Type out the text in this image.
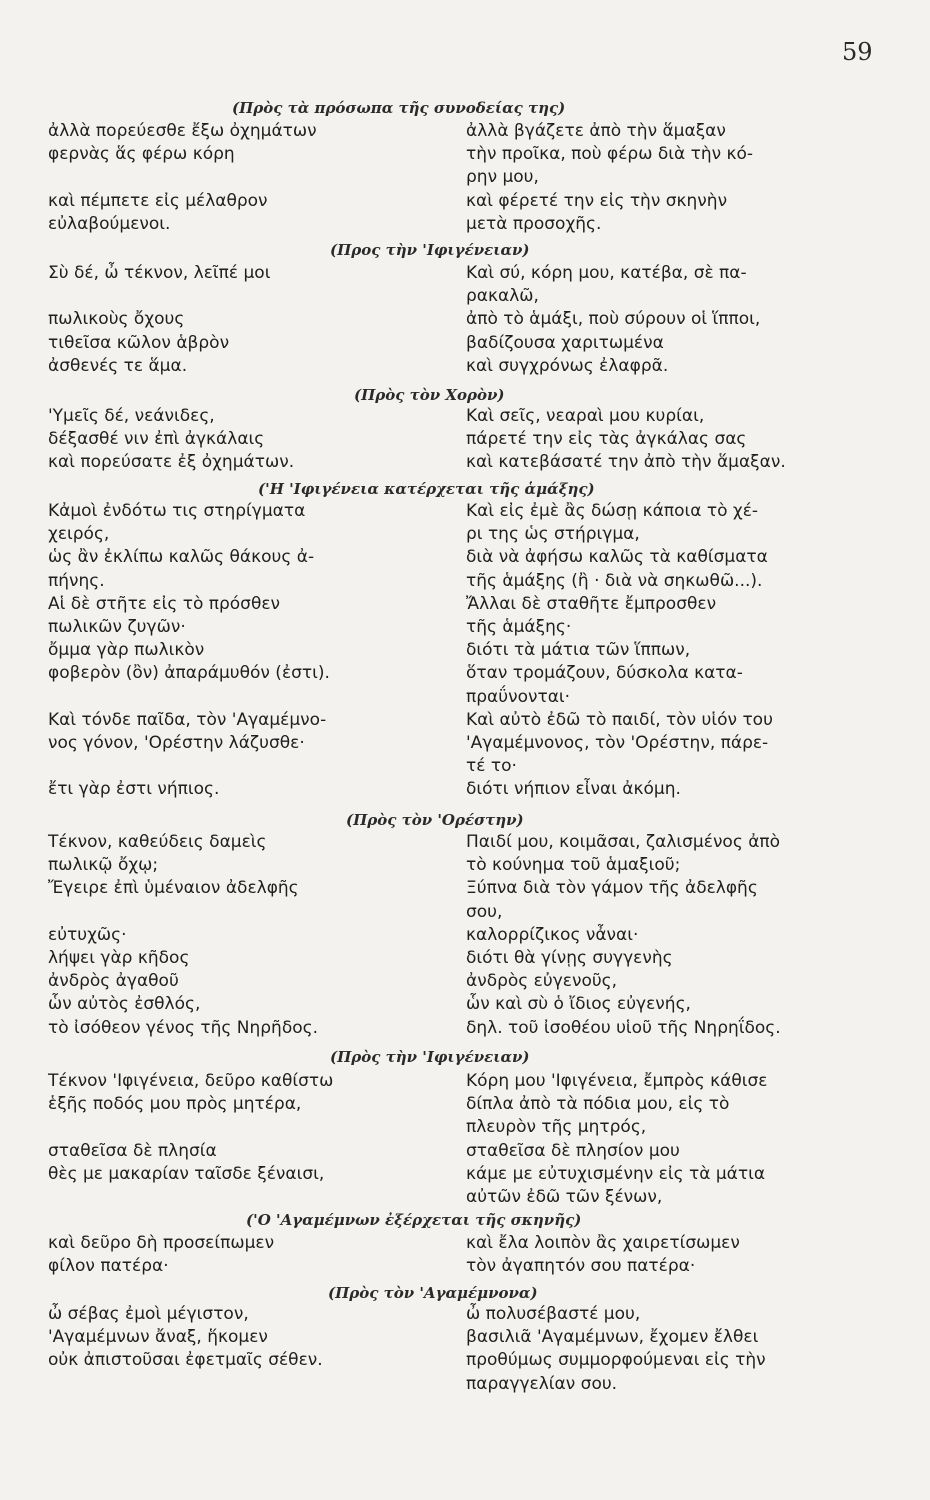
59
(Πρὸς τὰ πρόσωπα τῆς συνοδείας της)
ἀλλὰ πορεύεσθε ἔξω ὀχημάτων
φερνὰς ἅς φέρω κόρη

καὶ πέμπετε εἰς μέλαθρον
εὐλαβούμενοι.
ἀλλὰ βγάζετε ἀπὸ τὴν ἅμαξαν
τὴν προῖκα, ποὺ φέρω διὰ τὴν κό-
ρην μου,
καὶ φέρετέ την εἰς τὴν σκηνὴν
μετὰ προσοχῆς.
(Προς τὴν 'Ιφιγένειαν)
Σὺ δέ, ὦ τέκνον, λεῖπέ μοι

πωλικοὺς ὄχους
τιθεῖσα κῶλον ἁβρὸν
ἀσθενές τε ἅμα.
Καὶ σύ, κόρη μου, κατέβα, σὲ πα-
ρακαλῶ,
ἀπὸ τὸ ἁμάξι, ποὺ σύρουν οἱ ἵπποι,
βαδίζουσα χαριτωμένα
καὶ συγχρόνως ἐλαφρᾶ.
(Πρὸς τὸν Χορὸν)
'Υμεῖς δέ, νεάνιδες,
δέξασθέ νιν ἐπὶ ἀγκάλαις
καὶ πορεύσατε ἐξ ὀχημάτων.
Καὶ σεῖς, νεαραὶ μου κυρίαι,
πάρετέ την εἰς τὰς ἀγκάλας σας
καὶ κατεβάσατέ την ἀπὸ τὴν ἅμαξαν.
('Η 'Ιφιγένεια κατέρχεται τῆς ἁμάξης)
Κἀμοὶ ἐνδότω τις στηρίγματα
χειρός,
ὡς ἂν ἐκλίπω καλῶς θάκους ἀ-
πήνης.
Αἱ δὲ στῆτε εἰς τὸ πρόσθεν
πωλικῶν ζυγῶν·
ὄμμα γὰρ πωλικὸν
φοβερὸν (ὂν) ἀπαράμυθόν (ἐστι).

Καὶ τόνδε παῖδα, τὸν 'Αγαμέμνο-
νος γόνον, 'Ορέστην λάζυσθε·

ἔτι γὰρ ἐστι νήπιος.
Καὶ εἰς ἐμὲ ἂς δώσῃ κάποια τὸ χέ-
ρι της ὡς στήριγμα,
διὰ νὰ ἀφήσω καλῶς τὰ καθίσματα
τῆς ἁμάξης (ἢ · διὰ νὰ σηκωθῶ...).
Ἄλλαι δὲ σταθῆτε ἔμπροσθεν
τῆς ἁμάξης·
διότι τὰ μάτια τῶν ἵππων,
ὅταν τρομάζουν, δύσκολα κατα-
πραΰνονται·
Καὶ αὐτὸ ἐδῶ τὸ παιδί, τὸν υἱόν του
'Αγαμέμνονος, τὸν 'Ορέστην, πάρε-
τέ το·
διότι νήπιον εἶναι ἀκόμη.
(Πρὸς τὸν 'Ορέστην)
Τέκνον, καθεύδεις δαμεὶς
πωλικῷ ὄχῳ;
Ἔγειρε ἐπὶ ὑμέναιον ἀδελφῆς

εὐτυχῶς·
λήψει γὰρ κῆδος
ἀνδρὸς ἀγαθοῦ
ὧν αὐτὸς ἐσθλός,
τὸ ἰσόθεον γένος τῆς Νηρῆδος.
Παιδί μου, κοιμᾶσαι, ζαλισμένος ἀπὸ
τὸ κούνημα τοῦ ἁμαξιοῦ;
Ξύπνα διὰ τὸν γάμον τῆς ἀδελφῆς
σου,
καλορρίζικος νἆναι·
διότι θὰ γίνῃς συγγενὴς
ἀνδρὸς εὐγενοῦς,
ὧν καὶ σὺ ὁ ἴδιος εὐγενής,
δηλ. τοῦ ἰσοθέου υἱοῦ τῆς Νηρηΐδος.
(Πρὸς τὴν 'Ιφιγένειαν)
Τέκνον 'Ιφιγένεια, δεῦρο καθίστω
ἑξῆς ποδός μου πρὸς μητέρα,

σταθεῖσα δὲ πλησία
θὲς με μακαρίαν ταῖσδε ξέναισι,
Κόρη μου 'Ιφιγένεια, ἔμπρὸς κάθισε
δίπλα ἀπὸ τὰ πόδια μου, εἰς τὸ
πλευρὸν τῆς μητρός,
σταθεῖσα δὲ πλησίον μου
κάμε με εὐτυχισμένην εἰς τὰ μάτια
αὐτῶν ἐδῶ τῶν ξένων,
('Ο 'Αγαμέμνων ἐξέρχεται τῆς σκηνῆς)
καὶ δεῦρο δὴ προσείπωμεν
φίλον πατέρα·
καὶ ἔλα λοιπὸν ἂς χαιρετίσωμεν
τὸν ἀγαπητόν σου πατέρα·
(Πρὸς τὸν 'Αγαμέμνονα)
ὦ σέβας ἐμοὶ μέγιστον,
'Αγαμέμνων ἄναξ, ἥκομεν
οὐκ ἀπιστοῦσαι ἐφετμαῖς σέθεν.
ὦ πολυσέβαστέ μου,
βασιλιᾶ 'Αγαμέμνων, ἔχομεν ἔλθει
προθύμως συμμορφούμεναι εἰς τὴν
παραγγελίαν σου.
